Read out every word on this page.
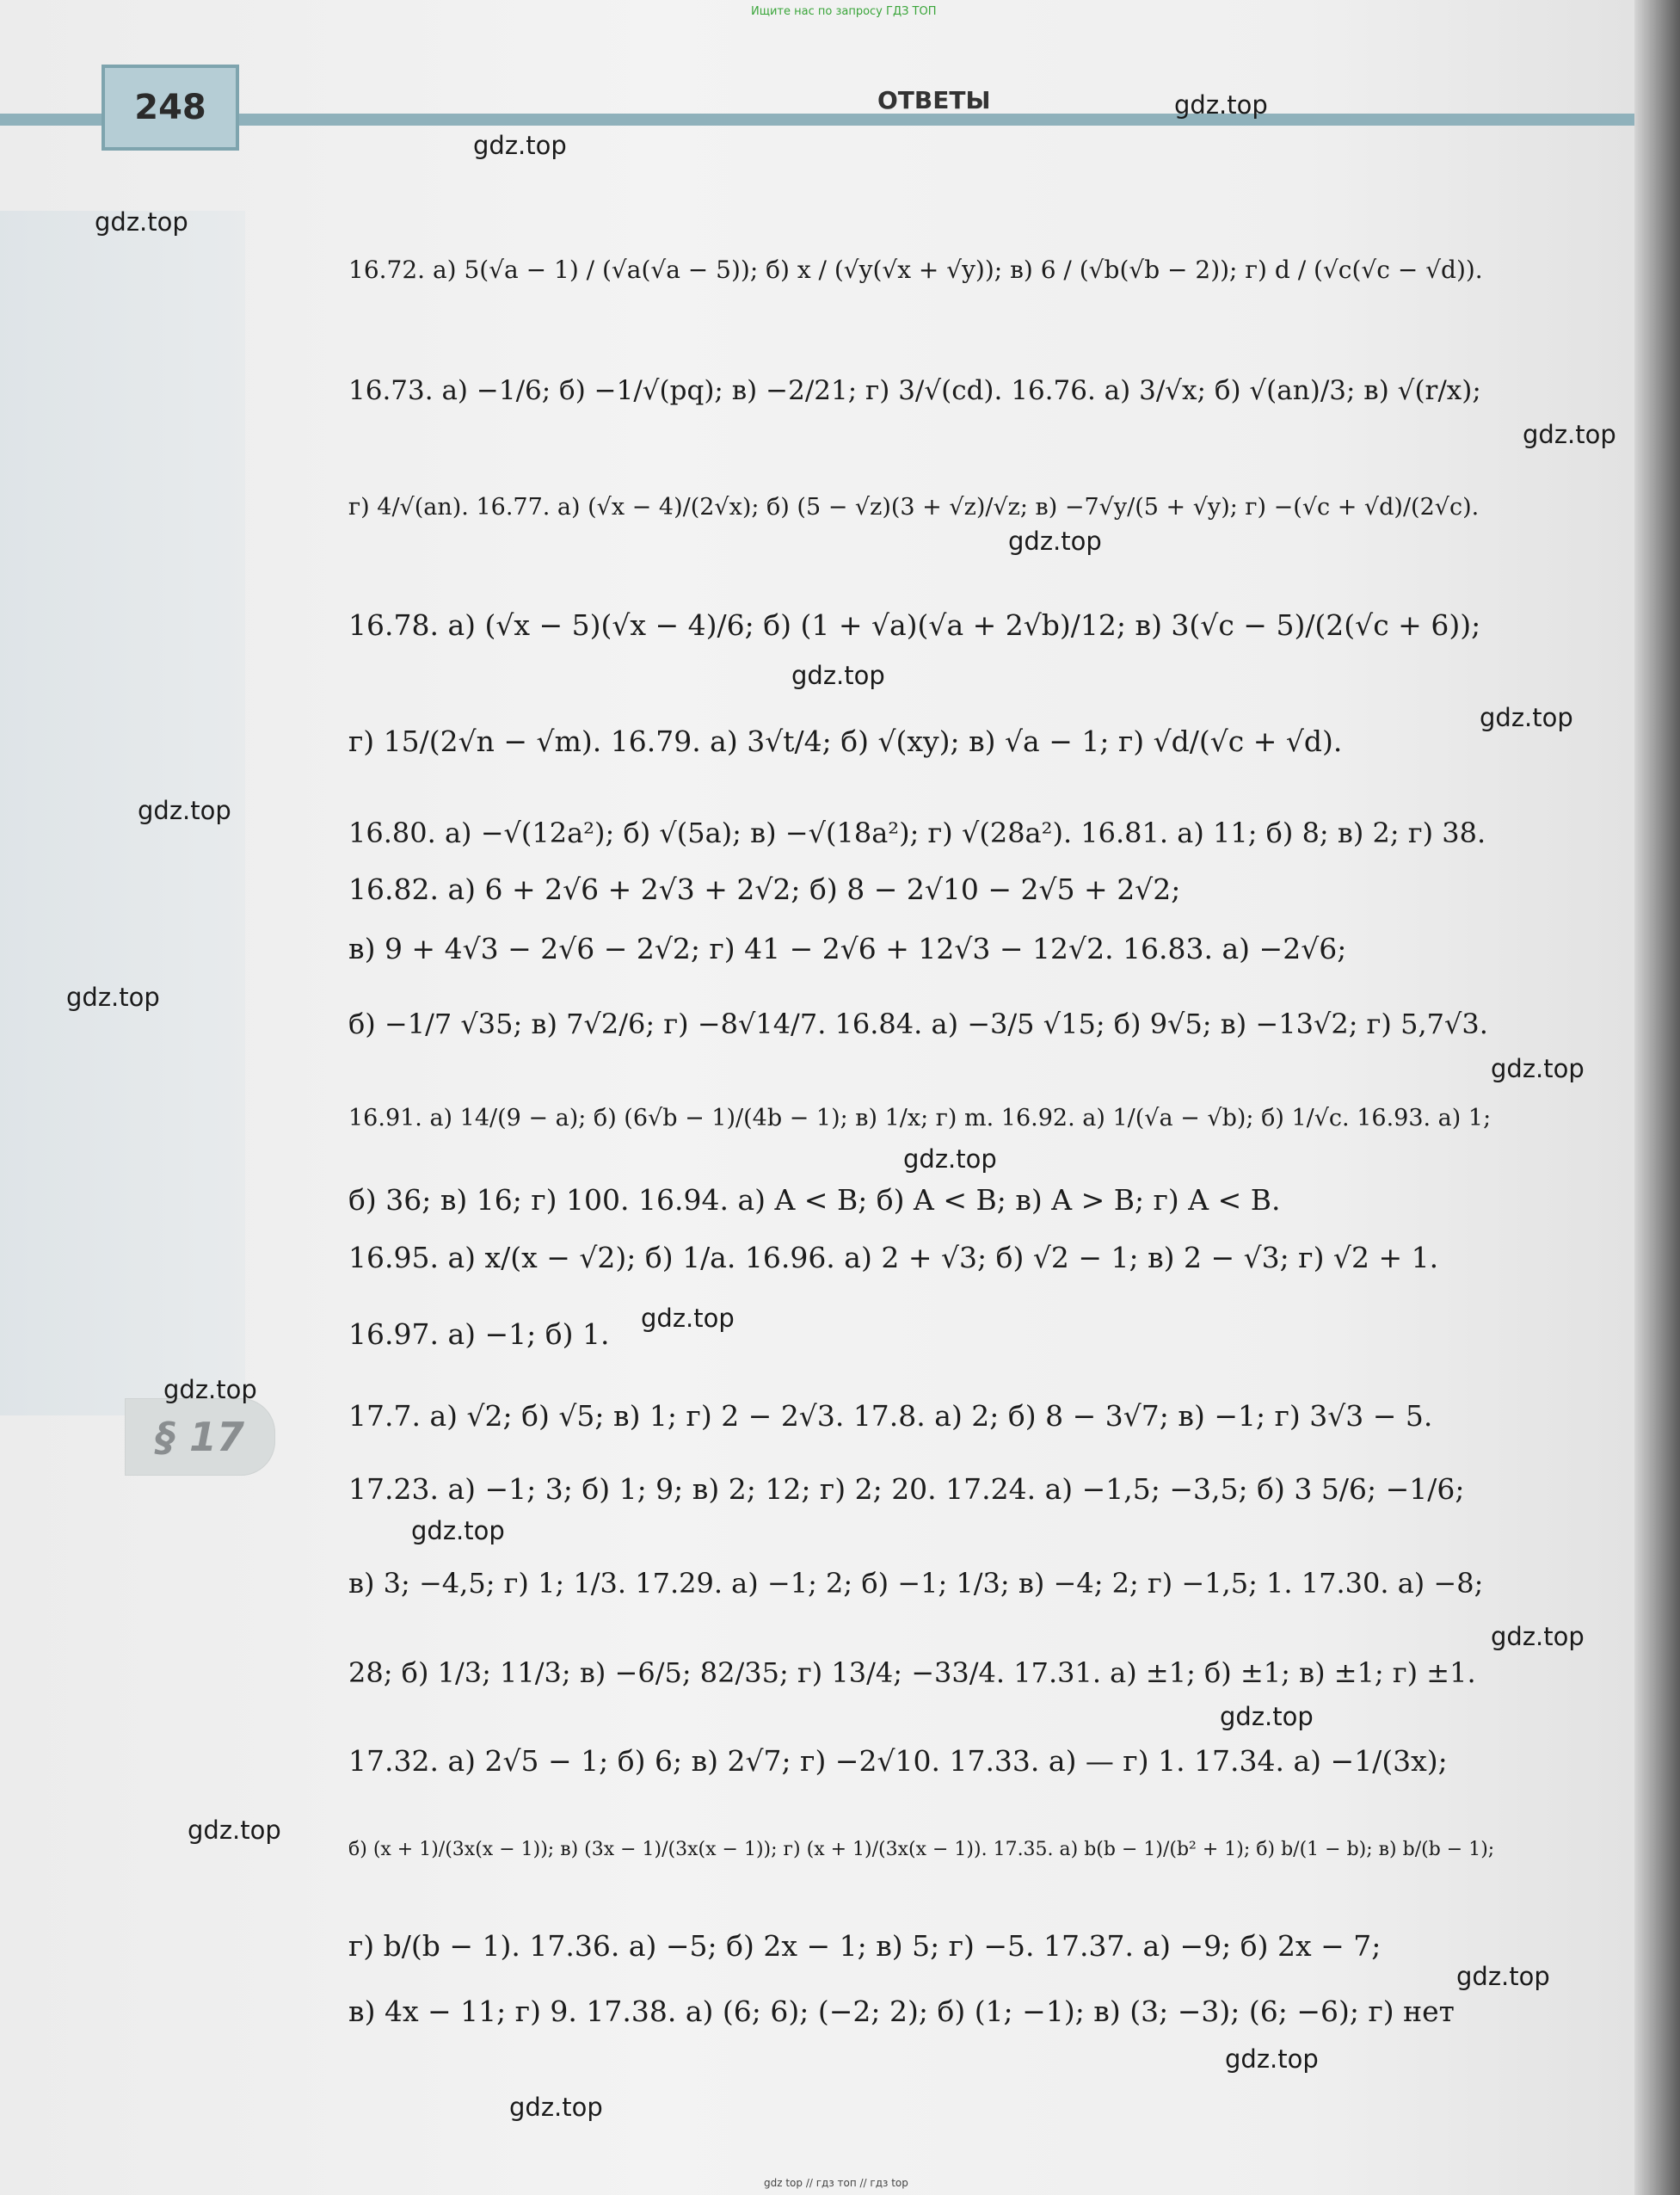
Ищите нас по запросу ГДЗ ТОП
248	ОТВЕТЫ
§ 17
gdz.top
gdz.top
gdz.top
gdz.top
gdz.top
gdz.top
gdz.top
gdz.top
gdz.top
gdz.top
gdz.top
gdz.top
gdz.top
gdz.top
gdz.top
gdz.top
gdz.top
gdz.top
gdz.top
gdz.top
16.72. а) 5(√a − 1) / (√a(√a − 5)); б) x / (√y(√x + √y)); в) 6 / (√b(√b − 2)); г) d / (√c(√c − √d)).
16.73. а) −1/6; б) −1/√(pq); в) −2/21; г) 3/√(cd). 16.76. а) 3/√x; б) √(an)/3; в) √(r/x);
г) 4/√(an). 16.77. а) (√x − 4)/(2√x); б) (5 − √z)(3 + √z)/√z; в) −7√y/(5 + √y); г) −(√c + √d)/(2√c).
16.78. а) (√x − 5)(√x − 4)/6; б) (1 + √a)(√a + 2√b)/12; в) 3(√c − 5)/(2(√c + 6));
г) 15/(2√n − √m). 16.79. а) 3√t/4; б) √(xy); в) √a − 1; г) √d/(√c + √d).
16.80. а) −√(12a²); б) √(5a); в) −√(18a²); г) √(28a²). 16.81. а) 11; б) 8; в) 2; г) 38.
16.82. а) 6 + 2√6 + 2√3 + 2√2; б) 8 − 2√10 − 2√5 + 2√2;
в) 9 + 4√3 − 2√6 − 2√2; г) 41 − 2√6 + 12√3 − 12√2. 16.83. а) −2√6;
б) −1/7 √35; в) 7√2/6; г) −8√14/7. 16.84. а) −3/5 √15; б) 9√5; в) −13√2; г) 5,7√3.
16.91. а) 14/(9 − a); б) (6√b − 1)/(4b − 1); в) 1/x; г) m. 16.92. а) 1/(√a − √b); б) 1/√c. 16.93. а) 1;
б) 36; в) 16; г) 100. 16.94. а) A < B; б) A < B; в) A > B; г) A < B.
16.95. а) x/(x − √2); б) 1/a. 16.96. а) 2 + √3; б) √2 − 1; в) 2 − √3; г) √2 + 1.
16.97. а) −1; б) 1.
17.7. а) √2; б) √5; в) 1; г) 2 − 2√3. 17.8. а) 2; б) 8 − 3√7; в) −1; г) 3√3 − 5.
17.23. а) −1; 3; б) 1; 9; в) 2; 12; г) 2; 20. 17.24. а) −1,5; −3,5; б) 3 5/6; −1/6;
в) 3; −4,5; г) 1; 1/3. 17.29. а) −1; 2; б) −1; 1/3; в) −4; 2; г) −1,5; 1. 17.30. а) −8;
28; б) 1/3; 11/3; в) −6/5; 82/35; г) 13/4; −33/4. 17.31. а) ±1; б) ±1; в) ±1; г) ±1.
17.32. а) 2√5 − 1; б) 6; в) 2√7; г) −2√10. 17.33. а) — г) 1. 17.34. а) −1/(3x);
б) (x + 1)/(3x(x − 1)); в) (3x − 1)/(3x(x − 1)); г) (x + 1)/(3x(x − 1)). 17.35. а) b(b − 1)/(b² + 1); б) b/(1 − b); в) b/(b − 1);
г) b/(b − 1). 17.36. а) −5; б) 2x − 1; в) 5; г) −5. 17.37. а) −9; б) 2x − 7;
в) 4x − 11; г) 9. 17.38. а) (6; 6); (−2; 2); б) (1; −1); в) (3; −3); (6; −6); г) нет
gdz top // гдз топ // гдз top
